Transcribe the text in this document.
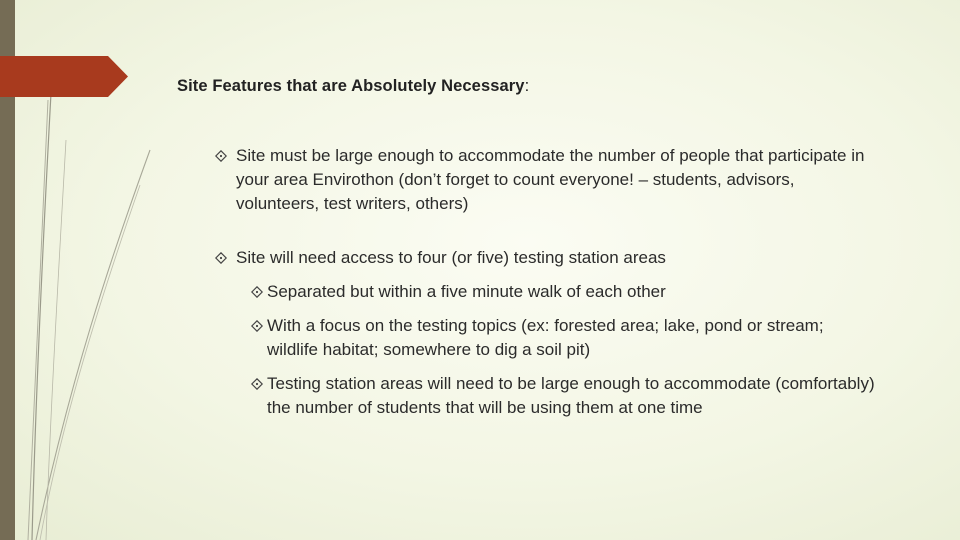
Site Features that are Absolutely Necessary:
Site must be large enough to accommodate the number of people that participate in your area Envirothon (don’t forget to count everyone! – students, advisors, volunteers, test writers, others)
Site will need access to four (or five) testing station areas
Separated but within a five minute walk of each other
With a focus on the testing topics (ex: forested area; lake, pond or stream; wildlife habitat; somewhere to dig a soil pit)
Testing station areas will need to be large enough to accommodate (comfortably) the number of students that will be using them at one time
